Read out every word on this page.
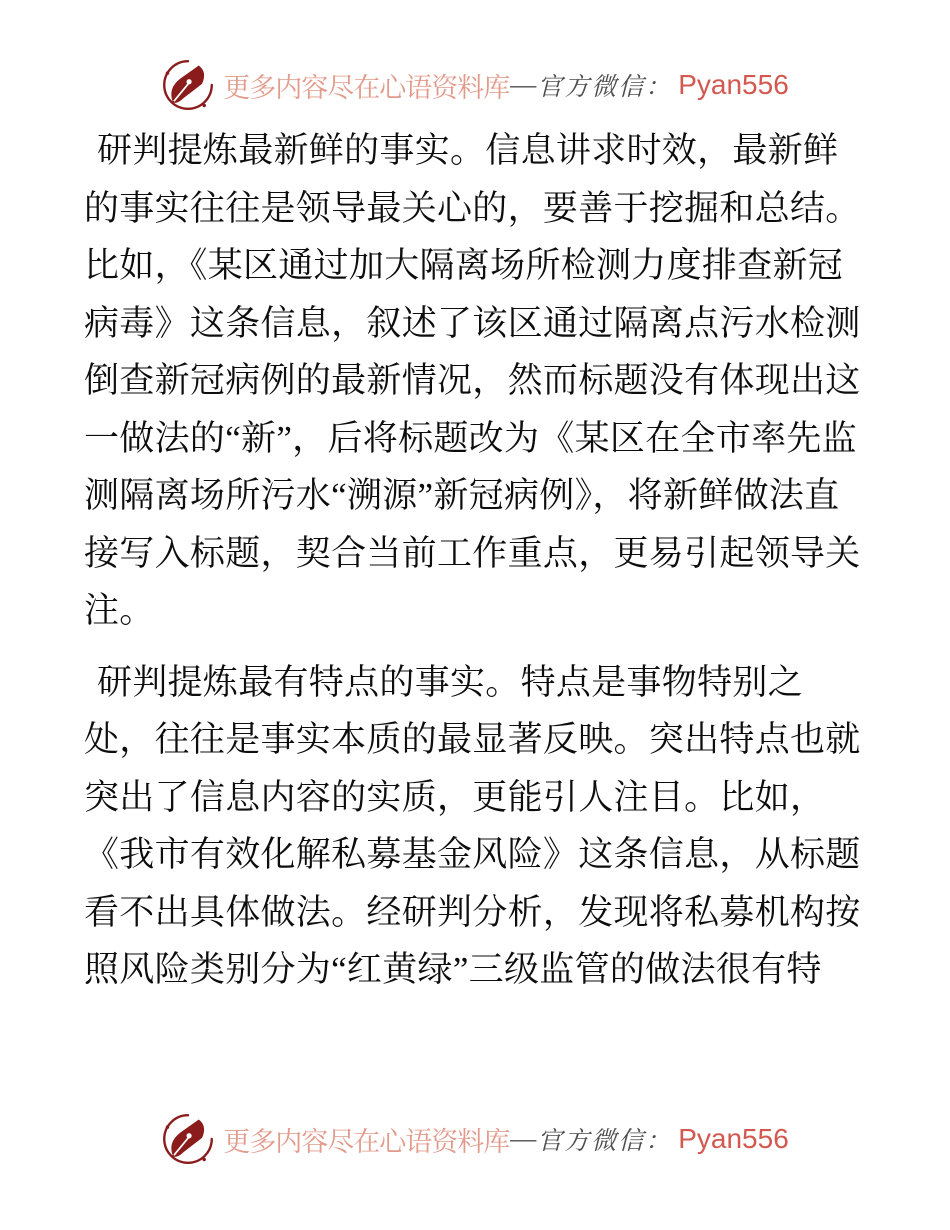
更多内容尽在心语资料库 — 官方微信： Pyan556

研判提炼最新鲜的事实。信息讲求时效，最新鲜的事实往往是领导最关心的，要善于挖掘和总结。比如，《某区通过加大隔离场所检测力度排查新冠病毒》这条信息，叙述了该区通过隔离点污水检测倒查新冠病例的最新情况，然而标题没有体现出这一做法的“新”，后将标题改为《某区在全市率先监测隔离场所污水“溯源”新冠病例》，将新鲜做法直接写入标题，契合当前工作重点，更易引起领导关注。

研判提炼最有特点的事实。特点是事物特别之处，往往是事实本质的最显著反映。突出特点也就突出了信息内容的实质，更能引人注目。比如，《我市有效化解私募基金风险》这条信息，从标题看不出具体做法。经研判分析，发现将私募机构按照风险类别分为“红黄绿”三级监管的做法很有特

更多内容尽在心语资料库 — 官方微信： Pyan556
